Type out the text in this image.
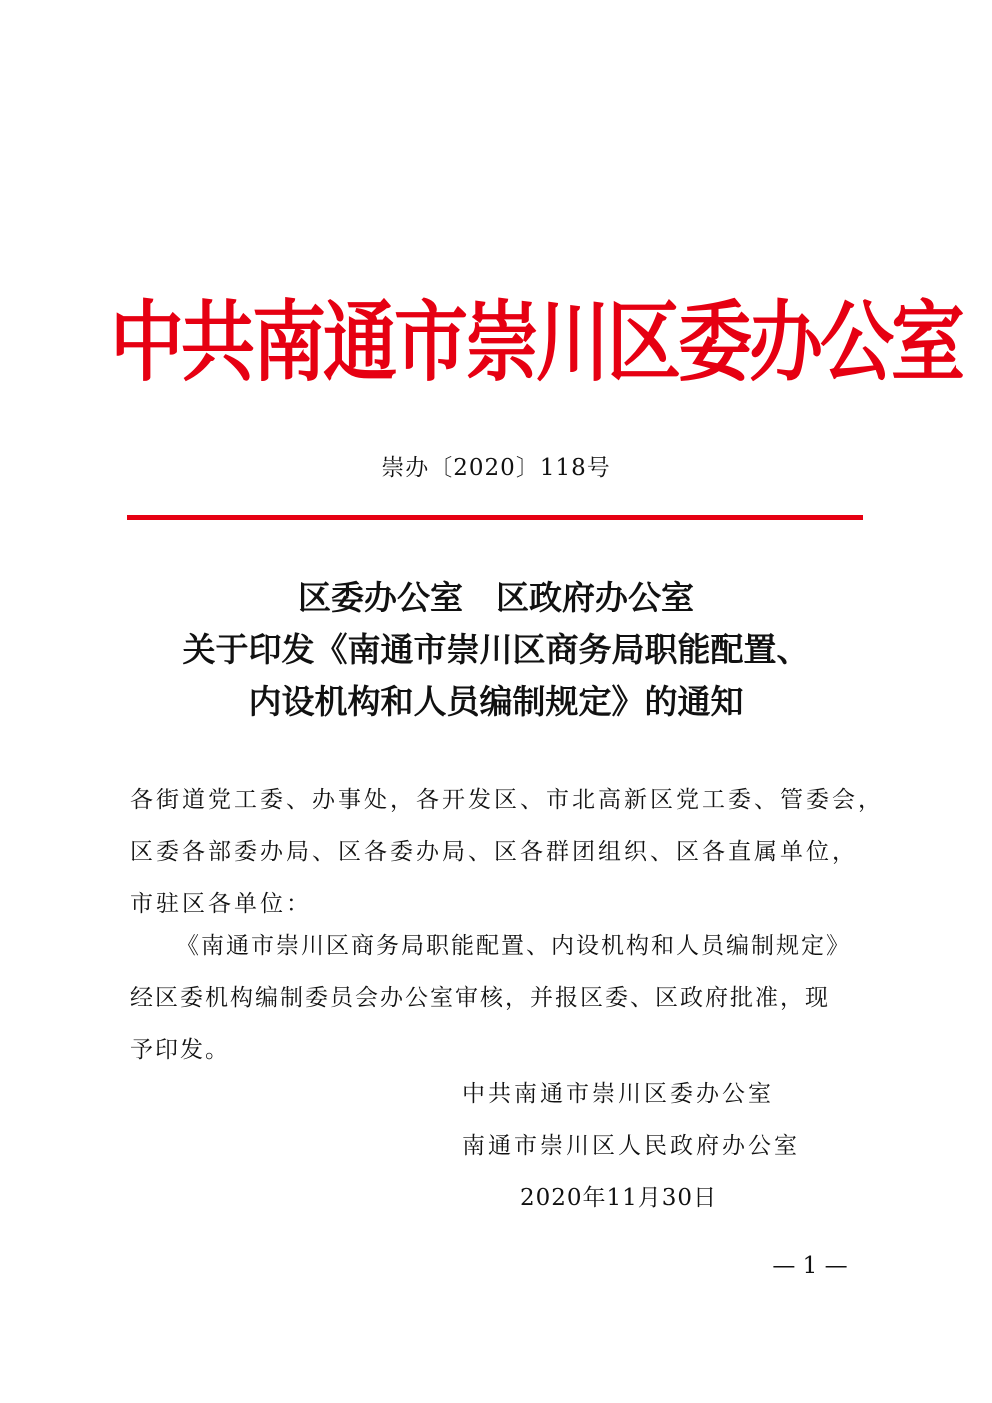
中共南通市崇川区委办公室
崇办〔2020〕118号
区委办公室　区政府办公室
关于印发《南通市崇川区商务局职能配置、
内设机构和人员编制规定》的通知
各街道党工委、办事处，各开发区、市北高新区党工委、管委会，
区委各部委办局、区各委办局、区各群团组织、区各直属单位，
市驻区各单位：
《南通市崇川区商务局职能配置、内设机构和人员编制规定》
经区委机构编制委员会办公室审核，并报区委、区政府批准，现
予印发。
中共南通市崇川区委办公室
南通市崇川区人民政府办公室
2020年11月30日
— 1 —
